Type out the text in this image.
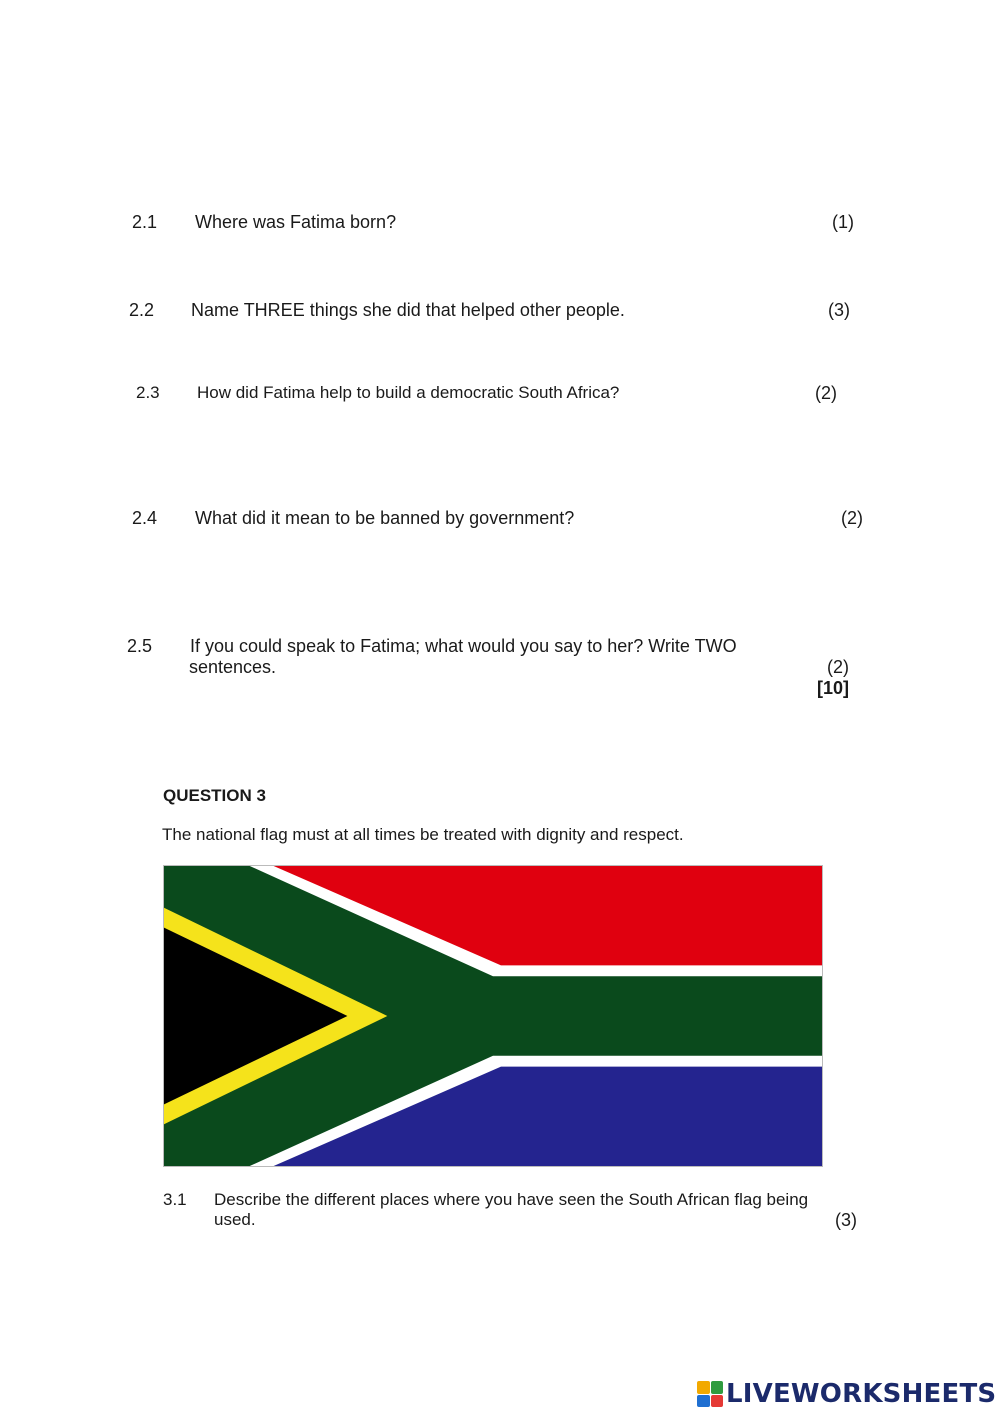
2.1 Where was Fatima born?	(1)
2.2 Name THREE things she did that helped other people.	(3)
2.3 How did Fatima help to build a democratic South Africa?	(2)
2.4 What did it mean to be banned by government?	(2)
2.5 If you could speak to Fatima; what would you say to her? Write TWO
sentences.	(2)
[10]
QUESTION 3
The national flag must at all times be treated with dignity and respect.
3.1 Describe the different places where you have seen the South African flag being
used.	(3)
LIVEWORKSHEETS
